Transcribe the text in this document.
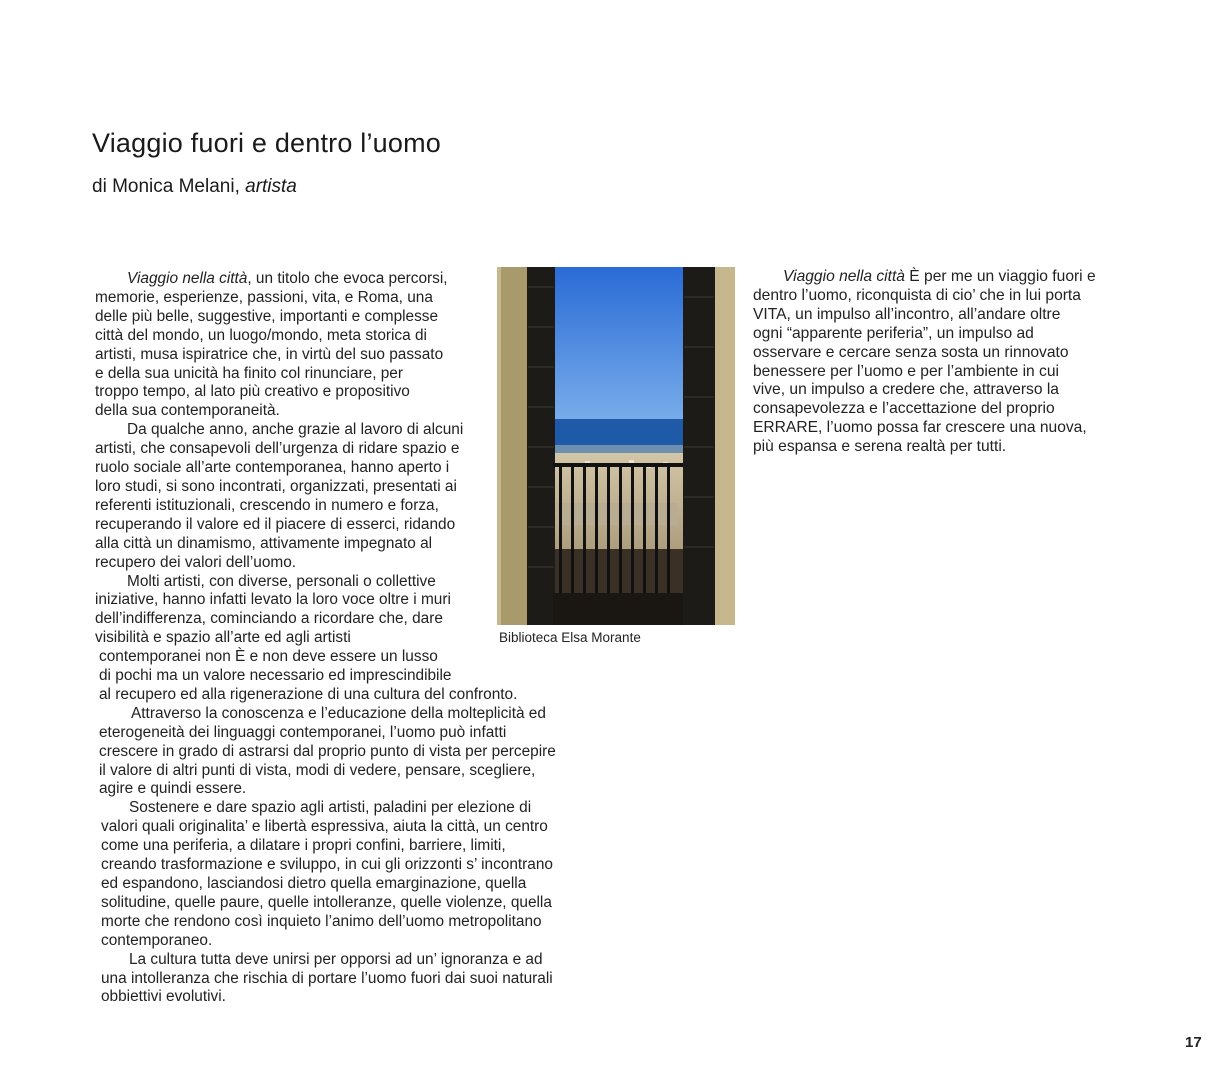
Viaggio fuori e dentro l’uomo
di Monica Melani, artista
Viaggio nella città, un titolo che evoca percorsi,
memorie, esperienze, passioni, vita, e Roma, una
delle più belle, suggestive, importanti e complesse
città del mondo, un luogo/mondo, meta storica di
artisti, musa ispiratrice che, in virtù del suo passato
e della sua unicità ha finito col rinunciare, per
troppo tempo, al lato più creativo e propositivo
della sua contemporaneità.
Da qualche anno, anche grazie al lavoro di alcuni
artisti, che consapevoli dell’urgenza di ridare spazio e
ruolo sociale all’arte contemporanea, hanno aperto i
loro studi, si sono incontrati, organizzati, presentati ai
referenti istituzionali, crescendo in numero e forza,
recuperando il valore ed il piacere di esserci, ridando
alla città un dinamismo, attivamente impegnato al
recupero dei valori dell’uomo.
Molti artisti, con diverse, personali o collettive
iniziative, hanno infatti levato la loro voce oltre i muri
dell’indifferenza, cominciando a ricordare che, dare
visibilità e spazio all’arte ed agli artisti
contemporanei non È e non deve essere un lusso
di pochi ma un valore necessario ed imprescindibile
al recupero ed alla rigenerazione di una cultura del confronto.
Attraverso la conoscenza e l’educazione della molteplicità ed
eterogeneità dei linguaggi contemporanei, l’uomo può infatti
crescere in grado di astrarsi dal proprio punto di vista per percepire
il valore di altri punti di vista, modi di vedere, pensare, scegliere,
agire e quindi essere.
Sostenere e dare spazio agli artisti, paladini per elezione di
valori quali originalita’ e libertà espressiva, aiuta la città, un centro
come una periferia, a dilatare i propri confini, barriere, limiti,
creando trasformazione e sviluppo, in cui gli orizzonti s’ incontrano
ed espandono, lasciandosi dietro quella emarginazione, quella
solitudine, quelle paure, quelle intolleranze, quelle violenze, quella
morte che rendono così inquieto l’animo dell’uomo metropolitano
contemporaneo.
La cultura tutta deve unirsi per opporsi ad un’ ignoranza e ad
una intolleranza che rischia di portare l’uomo fuori dai suoi naturali
obbiettivi evolutivi.
Biblioteca Elsa Morante
Viaggio nella città È per me un viaggio fuori e
dentro l’uomo, riconquista di cio’ che in lui porta
VITA, un impulso all’incontro, all’andare oltre
ogni “apparente periferia”, un impulso ad
osservare e cercare senza sosta un rinnovato
benessere per l’uomo e per l’ambiente in cui
vive, un impulso a credere che, attraverso la
consapevolezza e l’accettazione del proprio
ERRARE, l’uomo possa far crescere una nuova,
più espansa e serena realtà per tutti.
17
